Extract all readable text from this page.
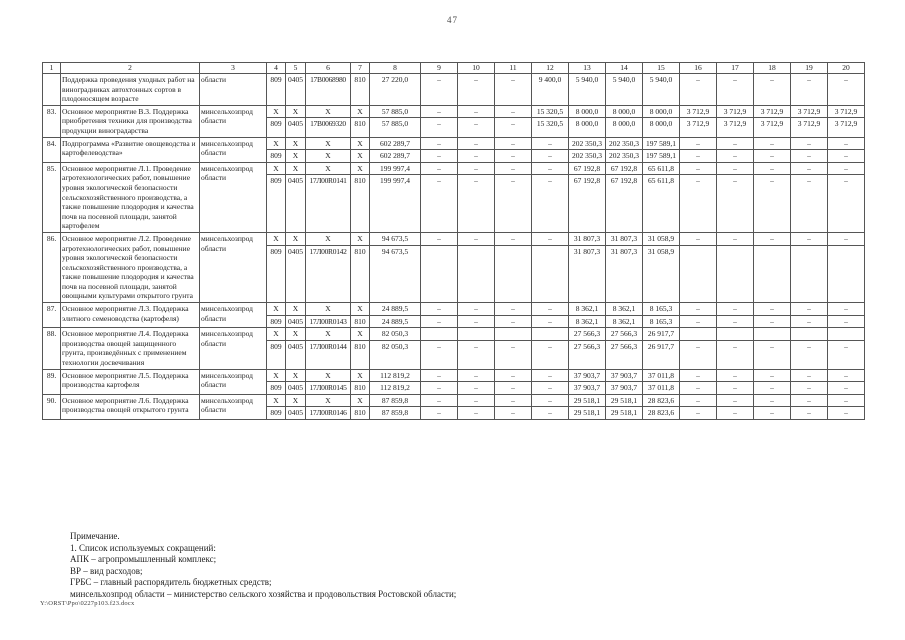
47
1	2	3	4	5	6	7	8	9	10	11	12	13	14	15	16	17	18	19	20
	Поддержка проведения уходных работ на виноградниках автохтонных сортов в плодоносящем возрасте	области	809	0405	17В0068980	810	27 220,0	–	–	–	9 400,0	5 940,0	5 940,0	5 940,0	–	–	–	–	–
83.	Основное мероприятие В.3. Поддержка приобретения техники для производства продукции виноградарства	минсельхозпрод области	X	X	X	X	57 885,0	–	–	–	15 320,5	8 000,0	8 000,0	8 000,0	3 712,9	3 712,9	3 712,9	3 712,9	3 712,9
			809	0405	17В0069320	810	57 885,0	–	–	–	15 320,5	8 000,0	8 000,0	8 000,0	3 712,9	3 712,9	3 712,9	3 712,9	3 712,9
84.	Подпрограмма «Развитие овощеводства и картофелеводства»	минсельхозпрод области	X	X	X	X	602 289,7	–	–	–	–	202 350,3	202 350,3	197 589,1	–	–	–	–	–
			809	X	X	X	602 289,7	–	–	–	–	202 350,3	202 350,3	197 589,1	–	–	–	–	–
85.	Основное мероприятие Л.1. Проведение агротехнологических работ, повышение уровня экологической безопасности сельскохозяйственного производства, а также повышение плодородия и качества почв на посевной площади, занятой картофелем	минсельхозпрод области	X	X	X	X	199 997,4	–	–	–	–	67 192,8	67 192,8	65 611,8	–	–	–	–	–
			809	0405	17Л00R0141	810	199 997,4	–	–	–	–	67 192,8	67 192,8	65 611,8	–	–	–	–	–
86.	Основное мероприятие Л.2. Проведение агротехнологических работ, повышение уровня экологической безопасности сельскохозяйственного производства, а также повышение плодородия и качества почв на посевной площади, занятой овощными культурами открытого грунта	минсельхозпрод области	X	X	X	X	94 673,5	–	–	–	–	31 807,3	31 807,3	31 058,9	–	–	–	–	–
			809	0405	17Л00R0142	810	94 673,5					31 807,3	31 807,3	31 058,9					
87.	Основное мероприятие Л.3. Поддержка элитного семеноводства (картофеля)	минсельхозпрод области	X	X	X	X	24 889,5	–	–	–	–	8 362,1	8 362,1	8 165,3	–	–	–	–	–
			809	0405	17Л00R0143	810	24 889,5	–	–	–	–	8 362,1	8 362,1	8 165,3	–	–	–	–	–
88.	Основное мероприятие Л.4. Поддержка производства овощей защищенного грунта, произведённых с применением технологии досвечивания	минсельхозпрод области	X	X	X	X	82 050,3					27 566,3	27 566,3	26 917,7					
			809	0405	17Л00R0144	810	82 050,3	–	–	–	–	27 566,3	27 566,3	26 917,7	–	–	–	–	–
89.	Основное мероприятие Л.5. Поддержка производства картофеля	минсельхозпрод области	X	X	X	X	112 819,2	–	–	–	–	37 903,7	37 903,7	37 011,8	–	–	–	–	–
			809	0405	17Л00R0145	810	112 819,2	–	–	–	–	37 903,7	37 903,7	37 011,8	–	–	–	–	–
90.	Основное мероприятие Л.6. Поддержка производства овощей открытого грунта	минсельхозпрод области	X	X	X	X	87 859,8	–	–	–	–	29 518,1	29 518,1	28 823,6	–	–	–	–	–
			809	0405	17Л00R0146	810	87 859,8	–	–	–	–	29 518,1	29 518,1	28 823,6	–	–	–	–	–
Примечание.
1. Список используемых сокращений:
АПК – агропромышленный комплекс;
ВР – вид расходов;
ГРБС – главный распорядитель бюджетных средств;
минсельхозпрод области – министерство сельского хозяйства и продовольствия Ростовской области;
Y:\ORST\Ppo\0227p103.f23.docx
